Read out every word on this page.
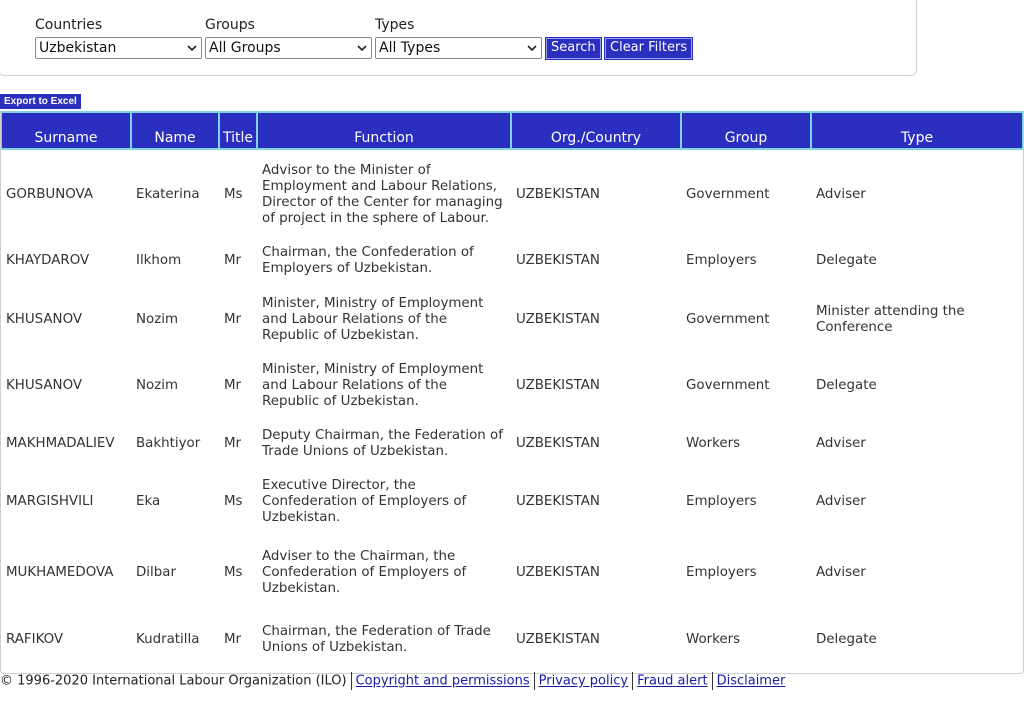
Countries
Uzbekistan
Groups
All Groups
Types
All Types	Search	Clear Filters
Export to Excel
Surname	Name	Title	Function	Org./Country	Group	Type
GORBUNOVA	Ekaterina	Ms	Advisor to the Minister of Employment and Labour Relations, Director of the Center for managing of project in the sphere of Labour.	UZBEKISTAN	Government	Adviser
KHAYDAROV	Ilkhom	Mr	Chairman, the Confederation of Employers of Uzbekistan.	UZBEKISTAN	Employers	Delegate
KHUSANOV	Nozim	Mr	Minister, Ministry of Employment and Labour Relations of the Republic of Uzbekistan.	UZBEKISTAN	Government	Minister attending the Conference
KHUSANOV	Nozim	Mr	Minister, Ministry of Employment and Labour Relations of the Republic of Uzbekistan.	UZBEKISTAN	Government	Delegate
MAKHMADALIEV	Bakhtiyor	Mr	Deputy Chairman, the Federation of Trade Unions of Uzbekistan.	UZBEKISTAN	Workers	Adviser
MARGISHVILI	Eka	Ms	Executive Director, the Confederation of Employers of Uzbekistan.	UZBEKISTAN	Employers	Adviser
MUKHAMEDOVA	Dilbar	Ms	Adviser to the Chairman, the Confederation of Employers of Uzbekistan.	UZBEKISTAN	Employers	Adviser
RAFIKOV	Kudratilla	Mr	Chairman, the Federation of Trade Unions of Uzbekistan.	UZBEKISTAN	Workers	Delegate
© 1996-2020 International Labour Organization (ILO) Copyright and permissions Privacy policy Fraud alert Disclaimer
